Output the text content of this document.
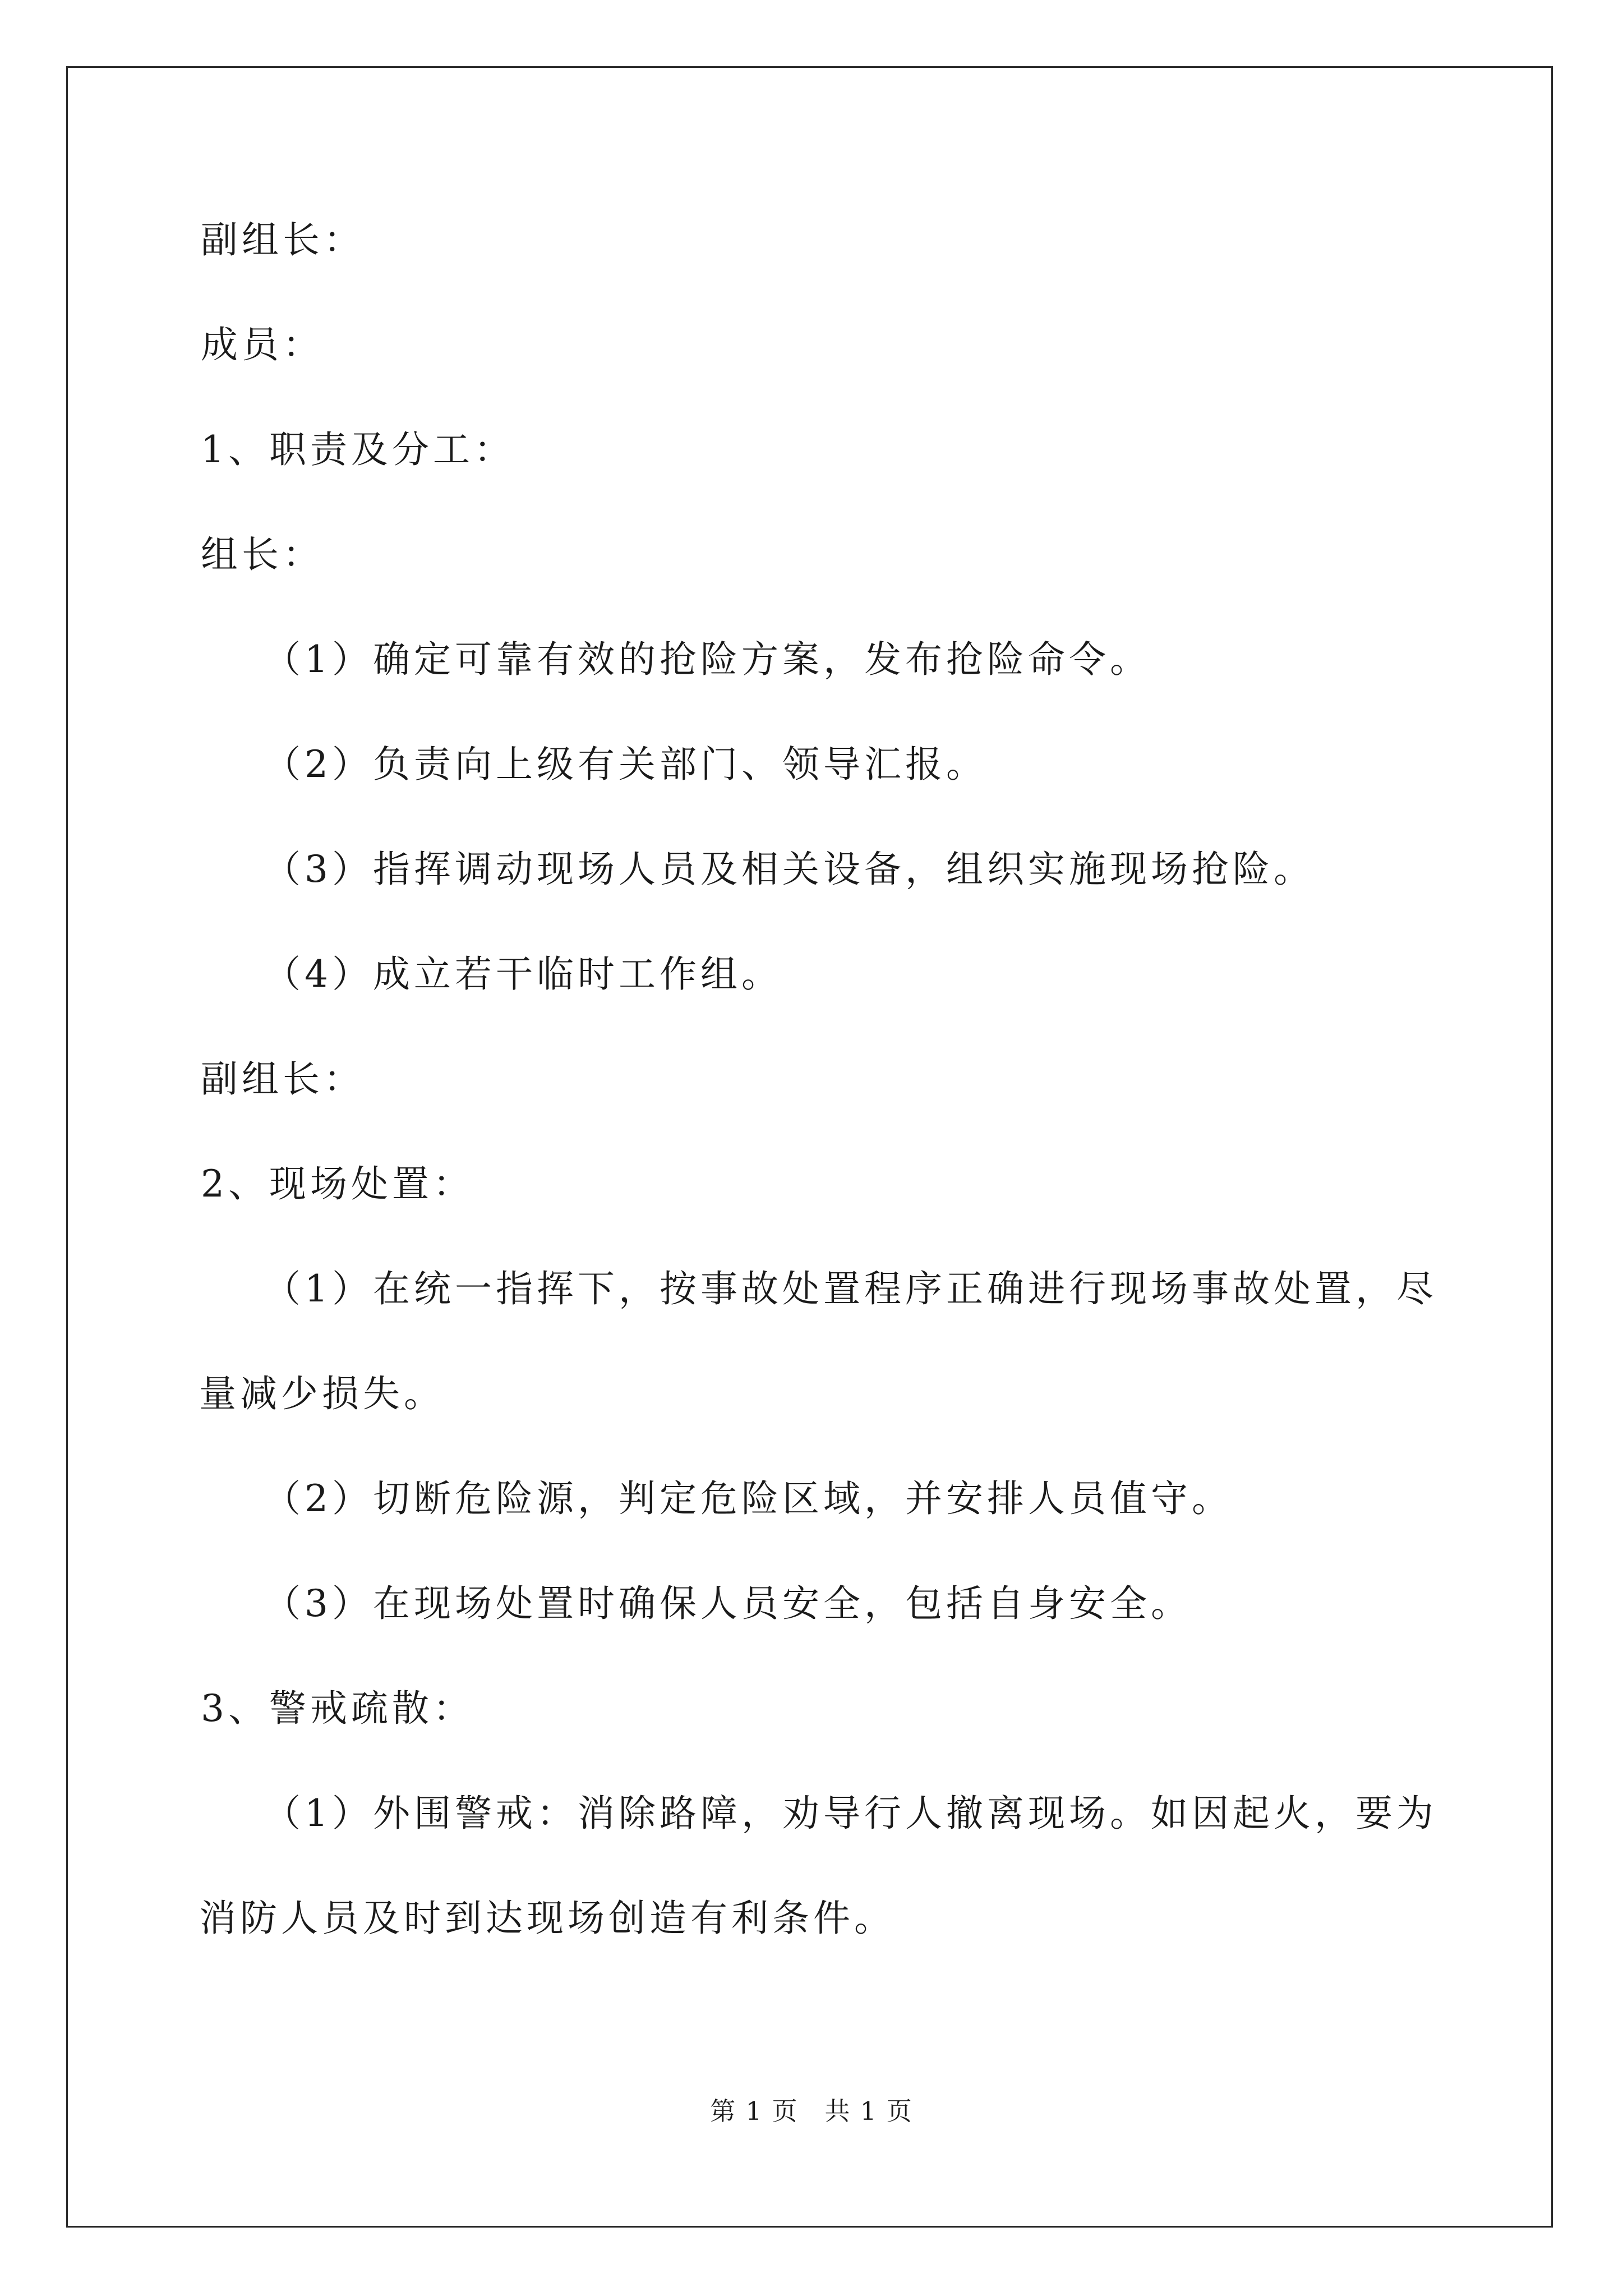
副组长：

成员：

1、职责及分工：

组长：

（1）确定可靠有效的抢险方案，发布抢险命令。

（2）负责向上级有关部门、领导汇报。

（3）指挥调动现场人员及相关设备，组织实施现场抢险。

（4）成立若干临时工作组。

副组长：

2、现场处置：

（1）在统一指挥下，按事故处置程序正确进行现场事故处置，尽

量减少损失。

（2）切断危险源，判定危险区域，并安排人员值守。

（3）在现场处置时确保人员安全，包括自身安全。

3、警戒疏散：

（1）外围警戒：消除路障，劝导行人撤离现场。如因起火，要为

消防人员及时到达现场创造有利条件。

第 1 页　共 1 页
